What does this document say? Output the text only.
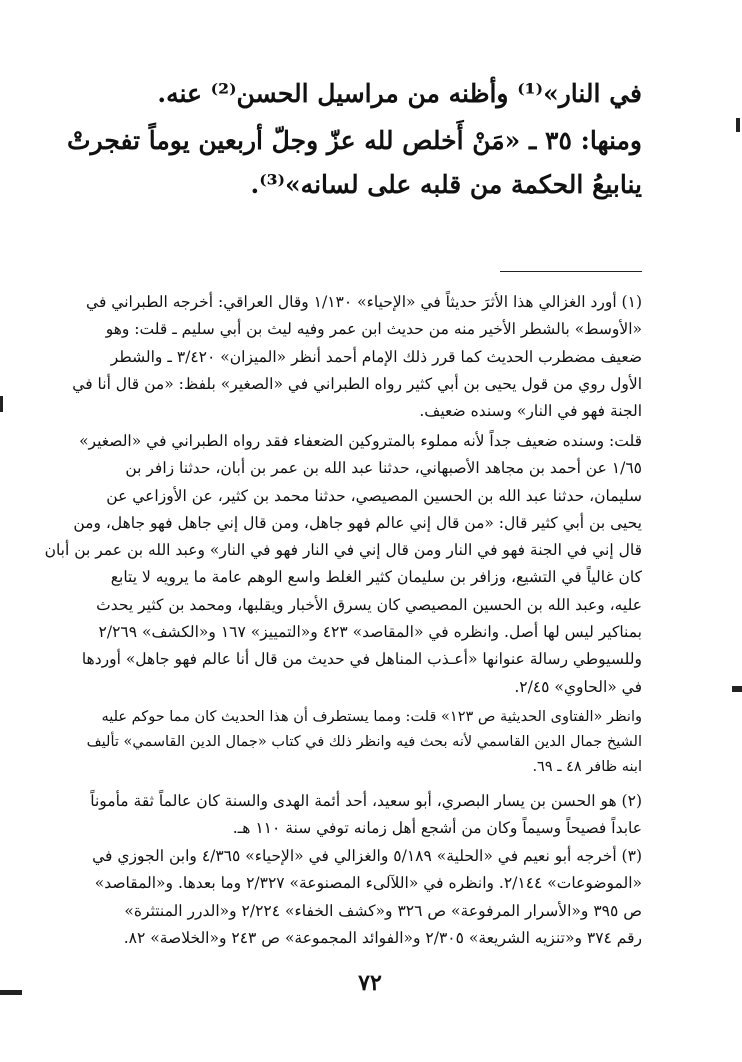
في النار»⁽¹⁾ وأظنه من مراسيل الحسن⁽²⁾ عنه.
ومنها: ٣٥ ـ «مَنْ أَخلص لله عزّ وجلّ أربعين يوماً تفجرتْ
ينابيعُ الحكمة من قلبه على لسانه»⁽³⁾.
(١) أورد الغزالي هذا الأثرَ حديثاً في «الإحياء» ١/١٣٠ وقال العراقي: أخرجه الطبراني في
«الأوسط» بالشطر الأخير منه من حديث ابن عمر وفيه ليث بن أبي سليم ـ قلت: وهو
ضعيف مضطرب الحديث كما قرر ذلك الإمام أحمد أنظر «الميزان» ٣/٤٢٠ ـ والشطر
الأول روي من قول يحيى بن أبي كثير رواه الطبراني في «الصغير» بلفظ: «من قال أنا في
الجنة فهو في النار» وسنده ضعيف.
قلت: وسنده ضعيف جداً لأنه مملوء بالمتروكين الضعفاء فقد رواه الطبراني في «الصغير»
١/٦٥ عن أحمد بن مجاهد الأصبهاني، حدثنا عبد الله بن عمر بن أبان، حدثنا زافر بن
سليمان، حدثنا عبد الله بن الحسين المصيصي، حدثنا محمد بن كثير، عن الأوزاعي عن
يحيى بن أبي كثير قال: «من قال إني عالم فهو جاهل، ومن قال إني جاهل فهو جاهل، ومن
قال إني في الجنة فهو في النار ومن قال إني في النار فهو في النار» وعبد الله بن عمر بن أبان
كان غالياً في التشيع، وزافر بن سليمان كثير الغلط واسع الوهم عامة ما يرويه لا يتابع
عليه، وعبد الله بن الحسين المصيصي كان يسرق الأخبار ويقلبها، ومحمد بن كثير يحدث
بمناكير ليس لها أصل. وانظره في «المقاصد» ٤٢٣ و«التمييز» ١٦٧ و«الكشف» ٢/٢٦٩
وللسيوطي رسالة عنوانها «أعـذب المناهل في حديث من قال أنا عالم فهو جاهل» أوردها
في «الحاوي» ٢/٤٥.
وانظر «الفتاوى الحديثية ص ١٢٣» قلت: ومما يستطرف أن هذا الحديث كان مما حوكم عليه
الشيخ جمال الدين القاسمي لأنه بحث فيه وانظر ذلك في كتاب «جمال الدين القاسمي» تأليف
ابنه ظافر ٤٨ ـ ٦٩.
(٢) هو الحسن بن يسار البصري، أبو سعيد، أحد أئمة الهدى والسنة كان عالماً ثقة مأموناً
عابداً فصيحاً وسيماً وكان من أشجع أهل زمانه توفي سنة ١١٠ هـ.
(٣) أخرجه أبو نعيم في «الحلية» ٥/١٨٩ والغزالي في «الإحياء» ٤/٣٦٥ وابن الجوزي في
«الموضوعات» ٢/١٤٤. وانظره في «اللآلىء المصنوعة» ٢/٣٢٧ وما بعدها. و«المقاصد»
ص ٣٩٥ و«الأسرار المرفوعة» ص ٣٢٦ و«كشف الخفاء» ٢/٢٢٤ و«الدرر المنتثرة»
رقم ٣٧٤ و«تنزيه الشريعة» ٢/٣٠٥ و«الفوائد المجموعة» ص ٢٤٣ و«الخلاصة» ٨٢.
٧٢
